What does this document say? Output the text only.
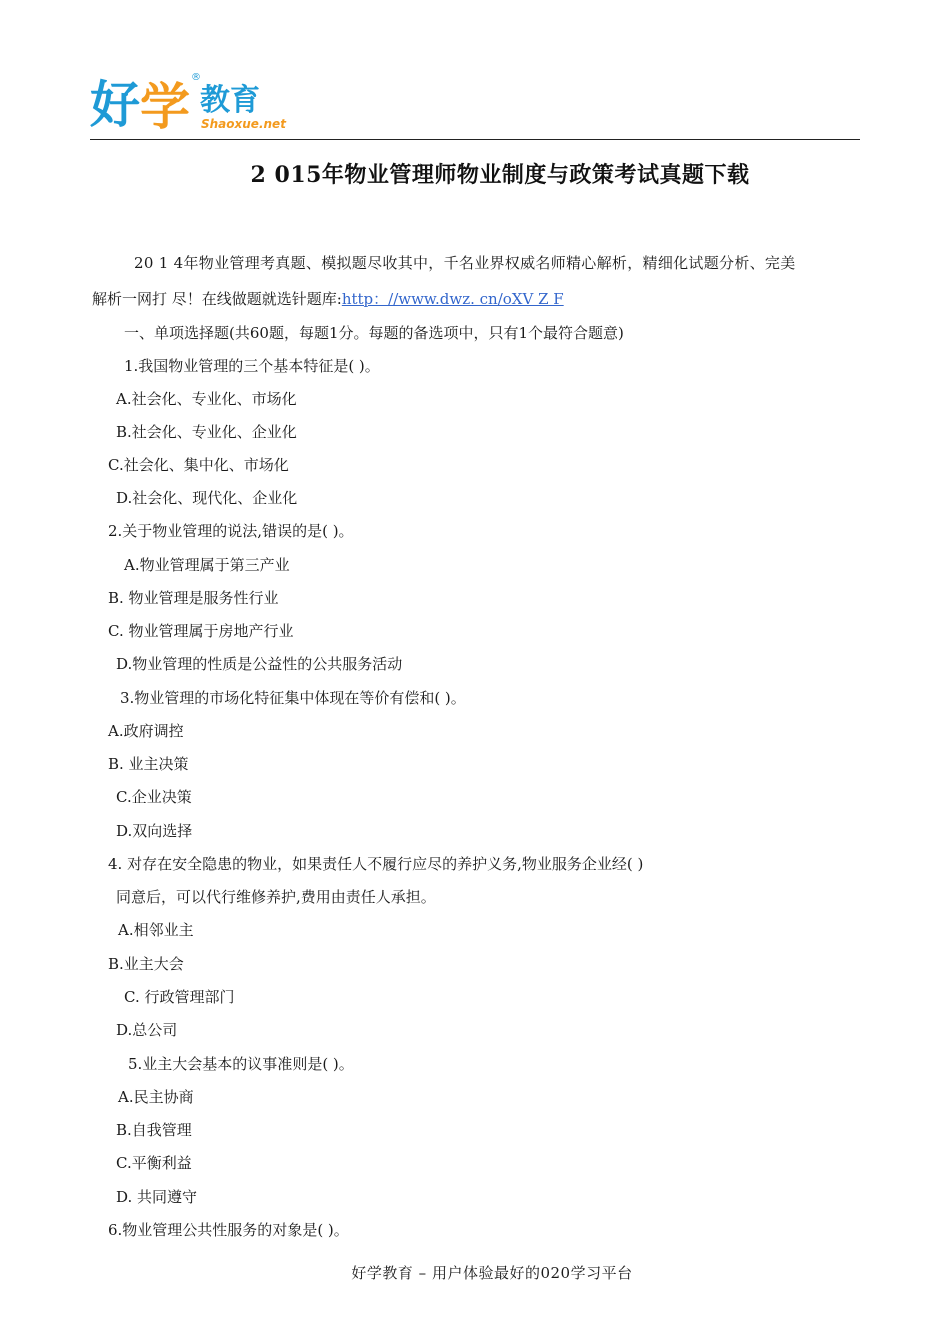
好 学 教育
®
Shaoxue.net
2 015年物业管理师物业制度与政策考试真题下载
20 1 4年物业管理考真题、模拟题尽收其中，千名业界权威名师精心解析，精细化试题分析、完美
解析一网打 尽！在线做题就选针题库:http：//www.dwz. cn/oXV Z F
一、单项选择题(共60题，每题1分。每题的备选项中，只有1个最符合题意)
1.我国物业管理的三个基本特征是( )。
A.社会化、专业化、市场化
B.社会化、专业化、企业化
C.社会化、集中化、市场化
D.社会化、现代化、企业化
2.关于物业管理的说法,错误的是( )。
A.物业管理属于第三产业
B. 物业管理是服务性行业
C. 物业管理属于房地产行业
D.物业管理的性质是公益性的公共服务活动
3.物业管理的市场化特征集中体现在等价有偿和( )。
A.政府调控
B. 业主决策
C.企业决策
D.双向选择
4. 对存在安全隐患的物业，如果责任人不履行应尽的养护义务,物业服务企业经( )
同意后，可以代行维修养护,费用由责任人承担。
A.相邻业主
B.业主大会
C. 行政管理部门
D.总公司
5.业主大会基本的议事准则是( )。
A.民主协商
B.自我管理
C.平衡利益
D. 共同遵守
6.物业管理公共性服务的对象是( )。
好学教育 – 用户体验最好的020学习平台
